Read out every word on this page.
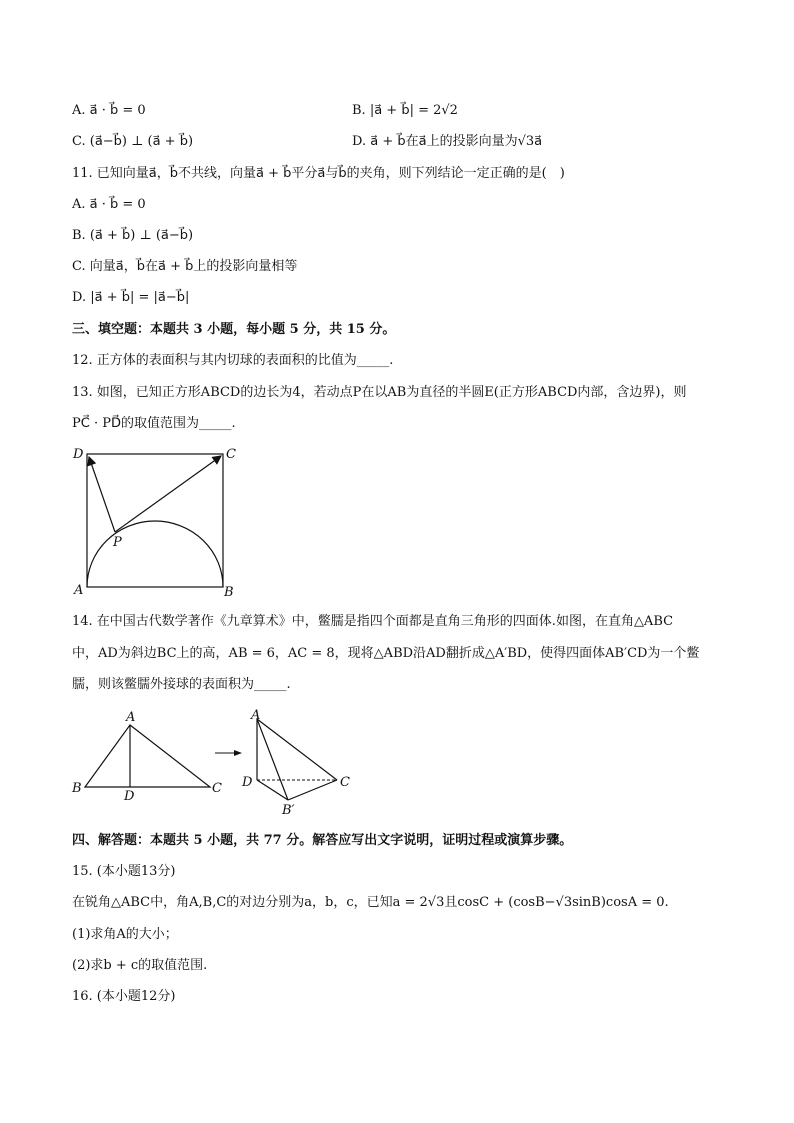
A. a⃗ · b⃗ = 0	B. |a⃗ + b⃗| = 2√2
C. (a⃗−b⃗) ⊥ (a⃗ + b⃗)	D. a⃗ + b⃗在a⃗上的投影向量为√3a⃗
11. 已知向量a⃗，b⃗不共线，向量a⃗ + b⃗平分a⃗与b⃗的夹角，则下列结论一定正确的是(　)
A. a⃗ · b⃗ = 0
B. (a⃗ + b⃗) ⊥ (a⃗−b⃗)
C. 向量a⃗，b⃗在a⃗ + b⃗上的投影向量相等
D. |a⃗ + b⃗| = |a⃗−b⃗|
三、填空题：本题共 3 小题，每小题 5 分，共 15 分。
12. 正方体的表面积与其内切球的表面积的比值为_____.
13. 如图，已知正方形ABCD的边长为4，若动点P在以AB为直径的半圆E(正方形ABCD内部，含边界)，则
PC⃗ · PD⃗的取值范围为_____.
D	C
A	B
P
14. 在中国古代数学著作《九章算术》中，鳖臑是指四个面都是直角三角形的四面体.如图，在直角△ABC
中，AD为斜边BC上的高，AB = 6，AC = 8，现将△ABD沿AD翻折成△A′BD，使得四面体AB′CD为一个鳖
臑，则该鳖臑外接球的表面积为_____.
A
B
D
C
A
D	C
B′
四、解答题：本题共 5 小题，共 77 分。解答应写出文字说明，证明过程或演算步骤。
15. (本小题13分)
在锐角△ABC中，角A,B,C的对边分别为a，b，c，已知a = 2√3且cosC + (cosB−√3sinB)cosA = 0.
(1)求角A的大小；
(2)求b + c的取值范围.
16. (本小题12分)
